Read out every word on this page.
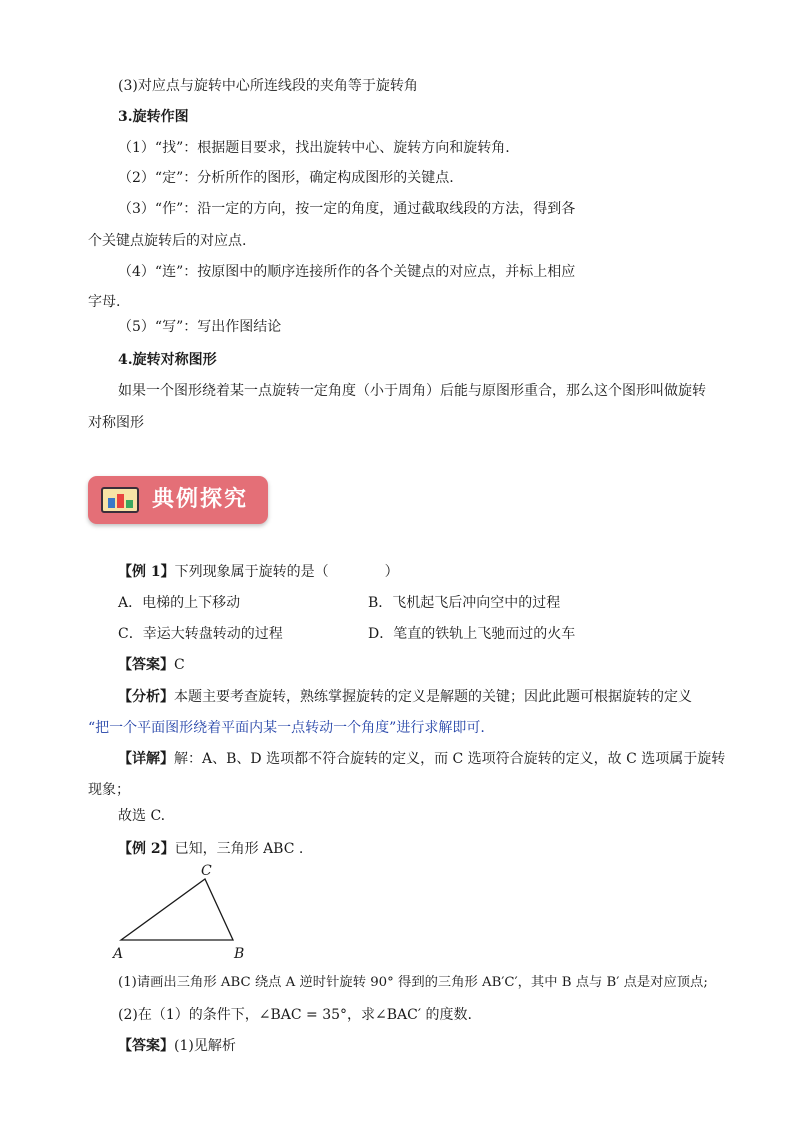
(3)对应点与旋转中心所连线段的夹角等于旋转角
3.旋转作图
（1）“找”：根据题目要求，找出旋转中心、旋转方向和旋转角.
（2）“定”：分析所作的图形，确定构成图形的关键点.
（3）“作”：沿一定的方向，按一定的角度，通过截取线段的方法，得到各
个关键点旋转后的对应点.
（4）“连”：按原图中的顺序连接所作的各个关键点的对应点，并标上相应
字母.
（5）“写”：写出作图结论
4.旋转对称图形
如果一个图形绕着某一点旋转一定角度（小于周角）后能与原图形重合，那么这个图形叫做旋转
对称图形
典例探究
【例 1】下列现象属于旋转的是（　　　　）
A．电梯的上下移动	B．飞机起飞后冲向空中的过程
C．幸运大转盘转动的过程	D．笔直的铁轨上飞驰而过的火车
【答案】C
【分析】本题主要考查旋转，熟练掌握旋转的定义是解题的关键；因此此题可根据旋转的定义
“把一个平面图形绕着平面内某一点转动一个角度”进行求解即可.
【详解】解：A、B、D 选项都不符合旋转的定义，而 C 选项符合旋转的定义，故 C 选项属于旋转
现象；
故选 C.
【例 2】已知，三角形 ABC .
A	B
C
(1)请画出三角形 ABC 绕点 A 逆时针旋转 90° 得到的三角形 AB′C′，其中 B 点与 B′ 点是对应顶点;
(2)在（1）的条件下，∠BAC = 35°，求∠BAC′ 的度数.
【答案】(1)见解析
